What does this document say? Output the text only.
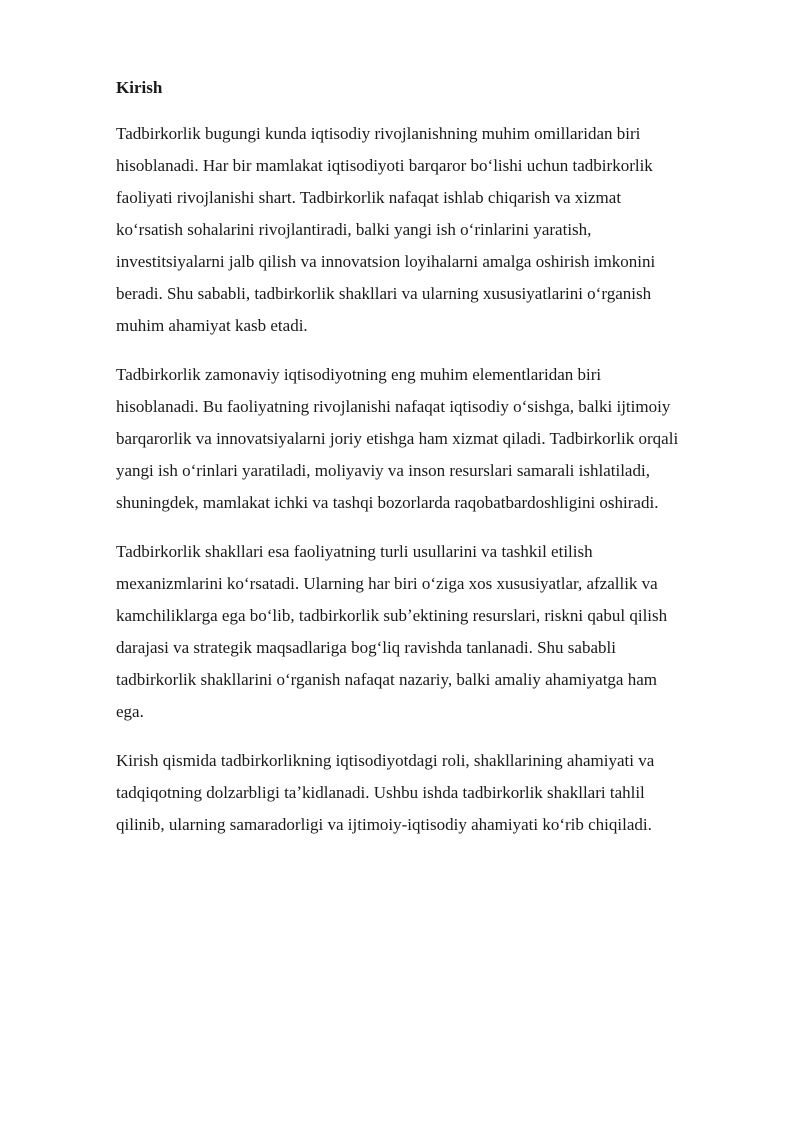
Kirish
Tadbirkorlik bugungi kunda iqtisodiy rivojlanishning muhim omillaridan biri
hisoblanadi. Har bir mamlakat iqtisodiyoti barqaror boʻlishi uchun tadbirkorlik
faoliyati rivojlanishi shart. Tadbirkorlik nafaqat ishlab chiqarish va xizmat
koʻrsatish sohalarini rivojlantiradi, balki yangi ish oʻrinlarini yaratish,
investitsiyalarni jalb qilish va innovatsion loyihalarni amalga oshirish imkonini
beradi. Shu sababli, tadbirkorlik shakllari va ularning xususiyatlarini oʻrganish
muhim ahamiyat kasb etadi.
Tadbirkorlik zamonaviy iqtisodiyotning eng muhim elementlaridan biri
hisoblanadi. Bu faoliyatning rivojlanishi nafaqat iqtisodiy oʻsishga, balki ijtimoiy
barqarorlik va innovatsiyalarni joriy etishga ham xizmat qiladi. Tadbirkorlik orqali
yangi ish oʻrinlari yaratiladi, moliyaviy va inson resurslari samarali ishlatiladi,
shuningdek, mamlakat ichki va tashqi bozorlarda raqobatbardoshligini oshiradi.
Tadbirkorlik shakllari esa faoliyatning turli usullarini va tashkil etilish
mexanizmlarini koʻrsatadi. Ularning har biri oʻziga xos xususiyatlar, afzallik va
kamchiliklarga ega boʻlib, tadbirkorlik subʼektining resurslari, riskni qabul qilish
darajasi va strategik maqsadlariga bogʻliq ravishda tanlanadi. Shu sababli
tadbirkorlik shakllarini oʻrganish nafaqat nazariy, balki amaliy ahamiyatga ham
ega.
Kirish qismida tadbirkorlikning iqtisodiyotdagi roli, shakllarining ahamiyati va
tadqiqotning dolzarbligi taʼkidlanadi. Ushbu ishda tadbirkorlik shakllari tahlil
qilinib, ularning samaradorligi va ijtimoiy-iqtisodiy ahamiyati koʻrib chiqiladi.
